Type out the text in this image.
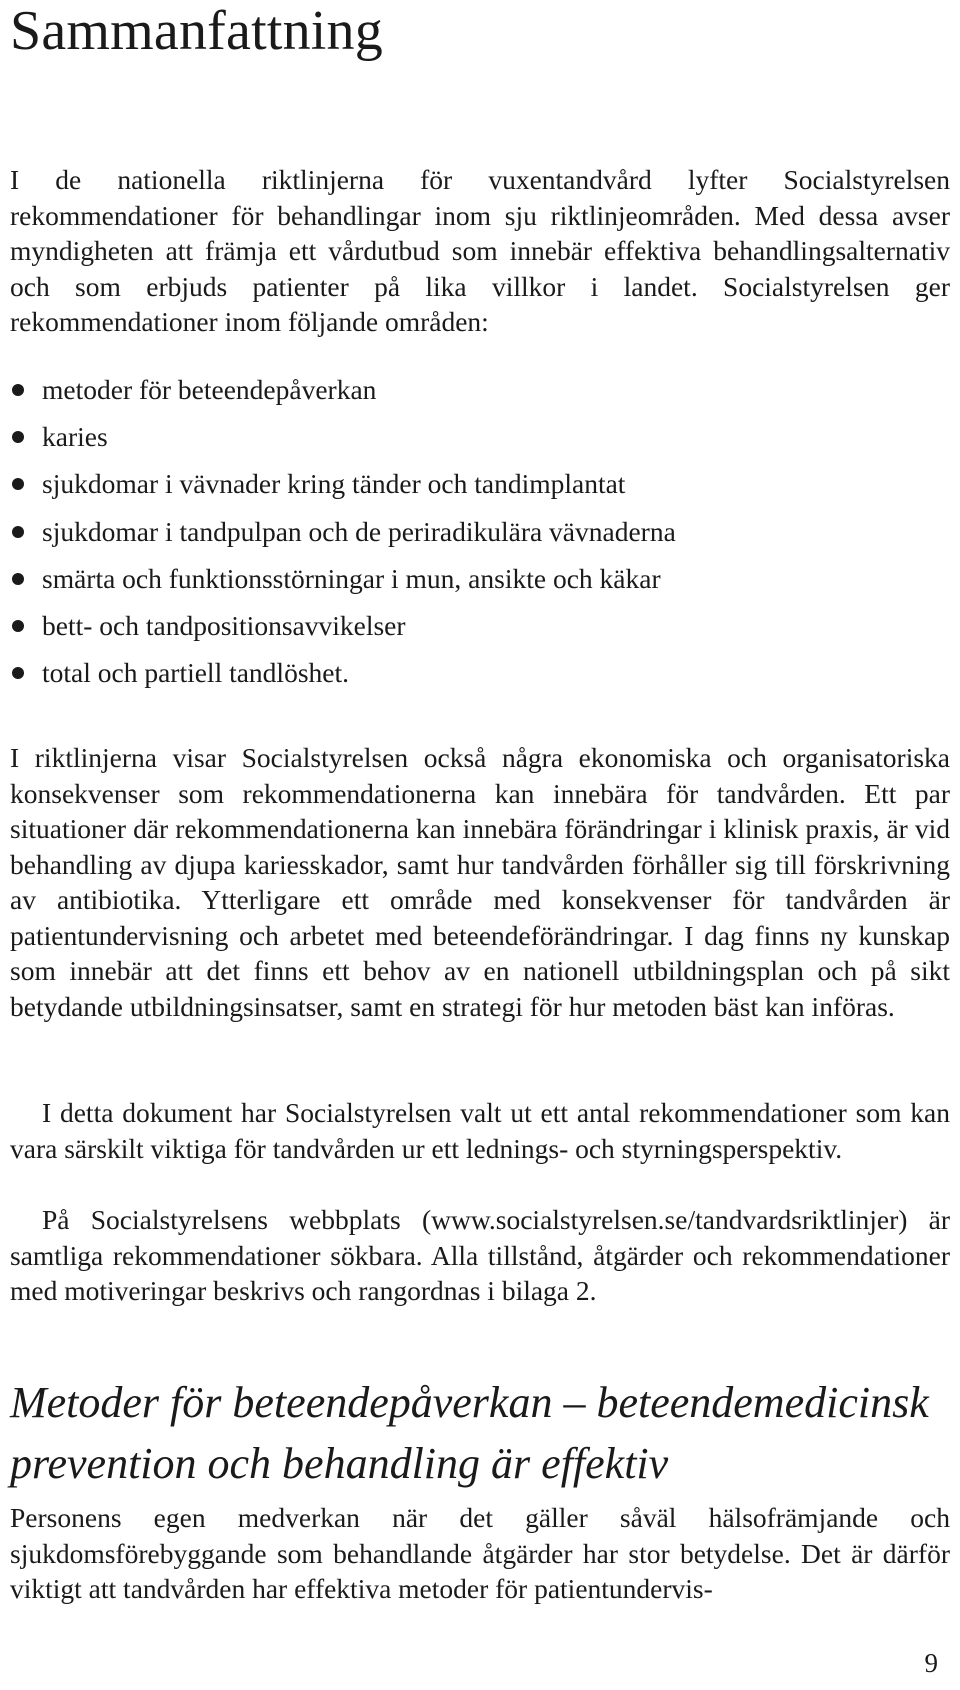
Sammanfattning

I de nationella riktlinjerna för vuxentandvård lyfter Socialstyrelsen rekommendationer för behandlingar inom sju riktlinjeområden. Med dessa avser myndigheten att främja ett vårdutbud som innebär effektiva behandlingsalternativ och som erbjuds patienter på lika villkor i landet. Socialstyrelsen ger rekommendationer inom följande områden:

metoder för beteendepåverkan
karies
sjukdomar i vävnader kring tänder och tandimplantat
sjukdomar i tandpulpan och de periradikulära vävnaderna
smärta och funktionsstörningar i mun, ansikte och käkar
bett- och tandpositionsavvikelser
total och partiell tandlöshet.

I riktlinjerna visar Socialstyrelsen också några ekonomiska och organisatoriska konsekvenser som rekommendationerna kan innebära för tandvården. Ett par situationer där rekommendationerna kan innebära förändringar i klinisk praxis, är vid behandling av djupa kariesskador, samt hur tandvården förhåller sig till förskrivning av antibiotika. Ytterligare ett område med konsekvenser för tandvården är patientundervisning och arbetet med beteendeförändringar. I dag finns ny kunskap som innebär att det finns ett behov av en nationell utbildningsplan och på sikt betydande utbildningsinsatser, samt en strategi för hur metoden bäst kan införas.

I detta dokument har Socialstyrelsen valt ut ett antal rekommendationer som kan vara särskilt viktiga för tandvården ur ett lednings- och styrningsperspektiv.

På Socialstyrelsens webbplats (www.socialstyrelsen.se/tandvardsriktlinjer) är samtliga rekommendationer sökbara. Alla tillstånd, åtgärder och rekommendationer med motiveringar beskrivs och rangordnas i bilaga 2.

Metoder för beteendepåverkan – beteendemedicinsk prevention och behandling är effektiv

Personens egen medverkan när det gäller såväl hälsofrämjande och sjukdomsförebyggande som behandlande åtgärder har stor betydelse. Det är därför viktigt att tandvården har effektiva metoder för patientundervis-

9
